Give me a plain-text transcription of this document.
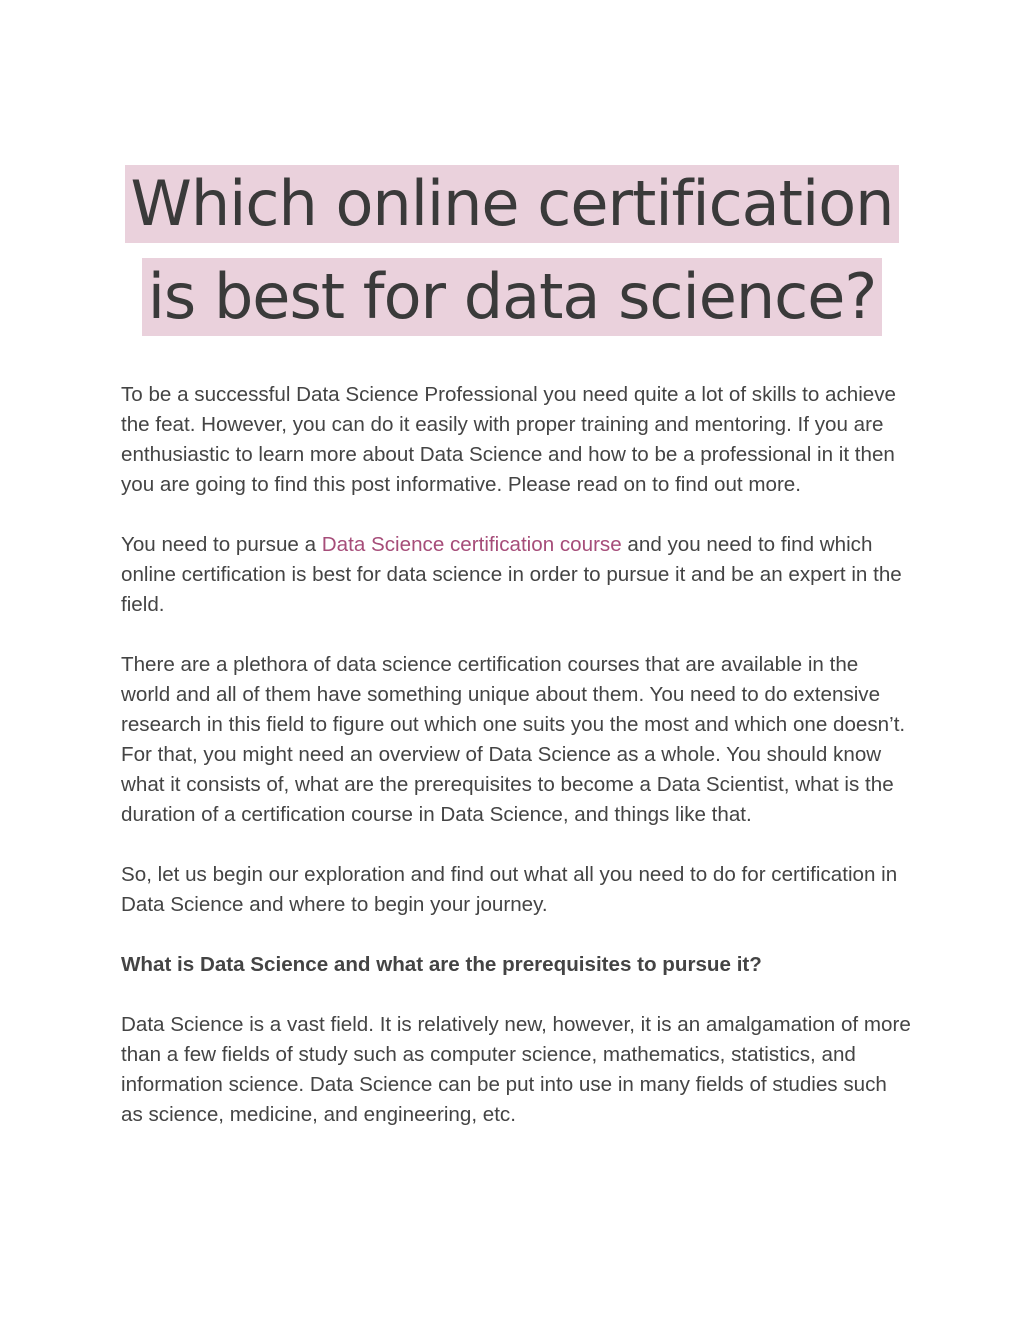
Which online certification
is best for data science?

To be a successful Data Science Professional you need quite a lot of skills to achieve the feat. However, you can do it easily with proper training and mentoring. If you are enthusiastic to learn more about Data Science and how to be a professional in it then you are going to find this post informative. Please read on to find out more.

You need to pursue a Data Science certification course and you need to find which online certification is best for data science in order to pursue it and be an expert in the field.

There are a plethora of data science certification courses that are available in the world and all of them have something unique about them. You need to do extensive research in this field to figure out which one suits you the most and which one doesn’t. For that, you might need an overview of Data Science as a whole. You should know what it consists of, what are the prerequisites to become a Data Scientist, what is the duration of a certification course in Data Science, and things like that.

So, let us begin our exploration and find out what all you need to do for certification in Data Science and where to begin your journey.

What is Data Science and what are the prerequisites to pursue it?

Data Science is a vast field. It is relatively new, however, it is an amalgamation of more than a few fields of study such as computer science, mathematics, statistics, and information science. Data Science can be put into use in many fields of studies such as science, medicine, and engineering, etc.
